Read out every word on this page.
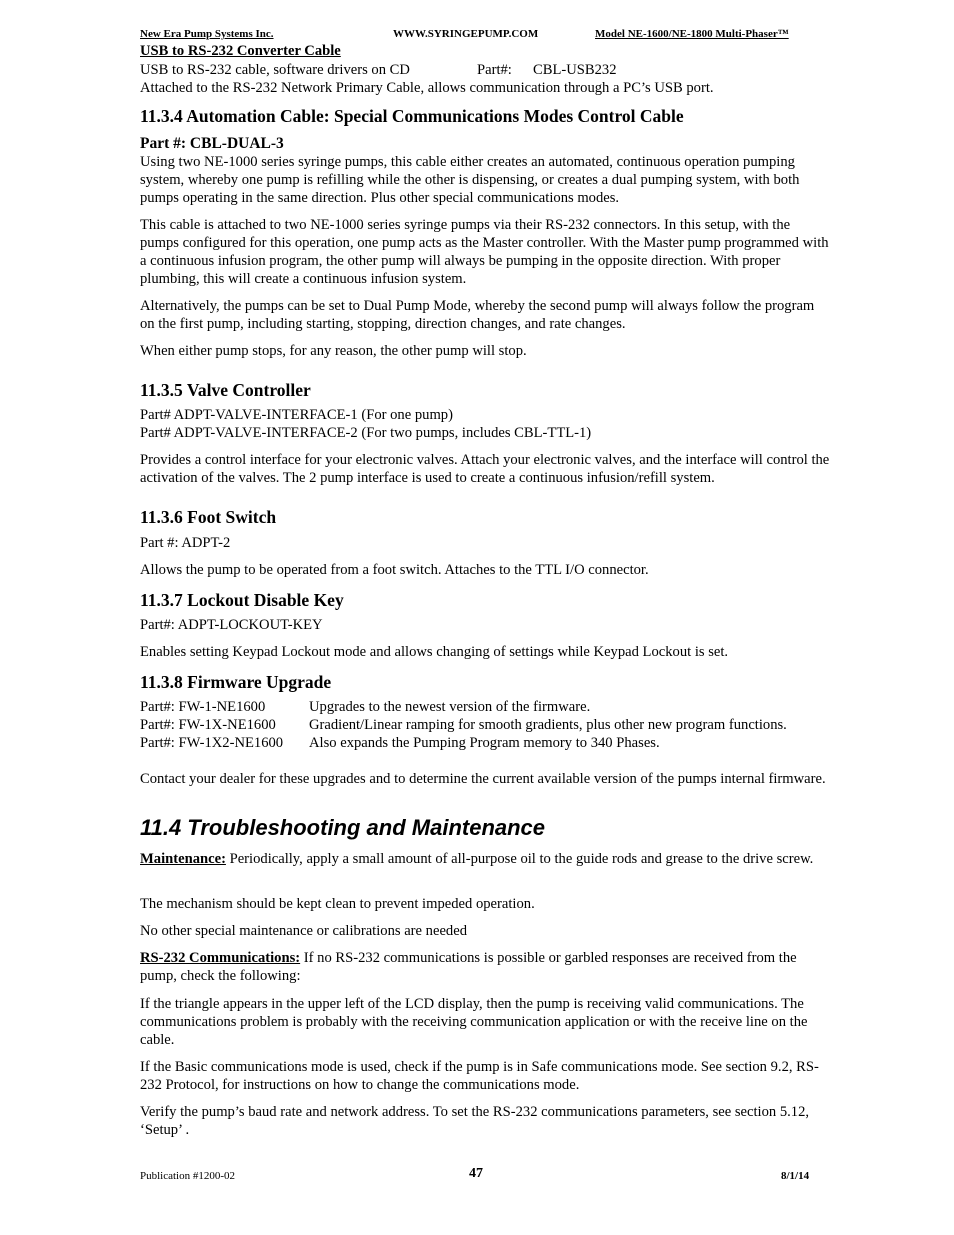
New Era Pump Systems Inc.	WWW.SYRINGEPUMP.COM	Model NE-1600/NE-1800 Multi-Phaser™
USB to RS-232 Converter Cable
USB to RS-232 cable, software drivers on CD	Part#: CBL-USB232
Attached to the RS-232 Network Primary Cable, allows communication through a PC’s USB port.
11.3.4 Automation Cable: Special Communications Modes Control Cable
Part #: CBL-DUAL-3
Using two NE-1000 series syringe pumps, this cable either creates an automated, continuous operation pumping system, whereby one pump is refilling while the other is dispensing, or creates a dual pumping system, with both pumps operating in the same direction. Plus other special communications modes.
This cable is attached to two NE-1000 series syringe pumps via their RS-232 connectors. In this setup, with the pumps configured for this operation, one pump acts as the Master controller. With the Master pump programmed with a continuous infusion program, the other pump will always be pumping in the opposite direction. With proper plumbing, this will create a continuous infusion system.
Alternatively, the pumps can be set to Dual Pump Mode, whereby the second pump will always follow the program on the first pump, including starting, stopping, direction changes, and rate changes.
When either pump stops, for any reason, the other pump will stop.
11.3.5 Valve Controller
Part# ADPT-VALVE-INTERFACE-1 (For one pump)
Part# ADPT-VALVE-INTERFACE-2 (For two pumps, includes CBL-TTL-1)
Provides a control interface for your electronic valves. Attach your electronic valves, and the interface will control the activation of the valves. The 2 pump interface is used to create a continuous infusion/refill system.
11.3.6 Foot Switch
Part #: ADPT-2
Allows the pump to be operated from a foot switch. Attaches to the TTL I/O connector.
11.3.7 Lockout Disable Key
Part#: ADPT-LOCKOUT-KEY
Enables setting Keypad Lockout mode and allows changing of settings while Keypad Lockout is set.
11.3.8 Firmware Upgrade
Part#: FW-1-NE1600	Upgrades to the newest version of the firmware.
Part#: FW-1X-NE1600 Gradient/Linear ramping for smooth gradients, plus other new program functions.
Part#: FW-1X2-NE1600 Also expands the Pumping Program memory to 340 Phases.
Contact your dealer for these upgrades and to determine the current available version of the pumps internal firmware.
11.4 Troubleshooting and Maintenance
Maintenance: Periodically, apply a small amount of all-purpose oil to the guide rods and grease to the drive screw.
The mechanism should be kept clean to prevent impeded operation.
No other special maintenance or calibrations are needed
RS-232 Communications: If no RS-232 communications is possible or garbled responses are received from the pump, check the following:
If the triangle appears in the upper left of the LCD display, then the pump is receiving valid communications. The communications problem is probably with the receiving communication application or with the receive line on the cable.
If the Basic communications mode is used, check if the pump is in Safe communications mode. See section 9.2, RS-232 Protocol, for instructions on how to change the communications mode.
Verify the pump’s baud rate and network address. To set the RS-232 communications parameters, see section 5.12, ‘Setup’ .
Publication #1200-02	47	8/1/14
